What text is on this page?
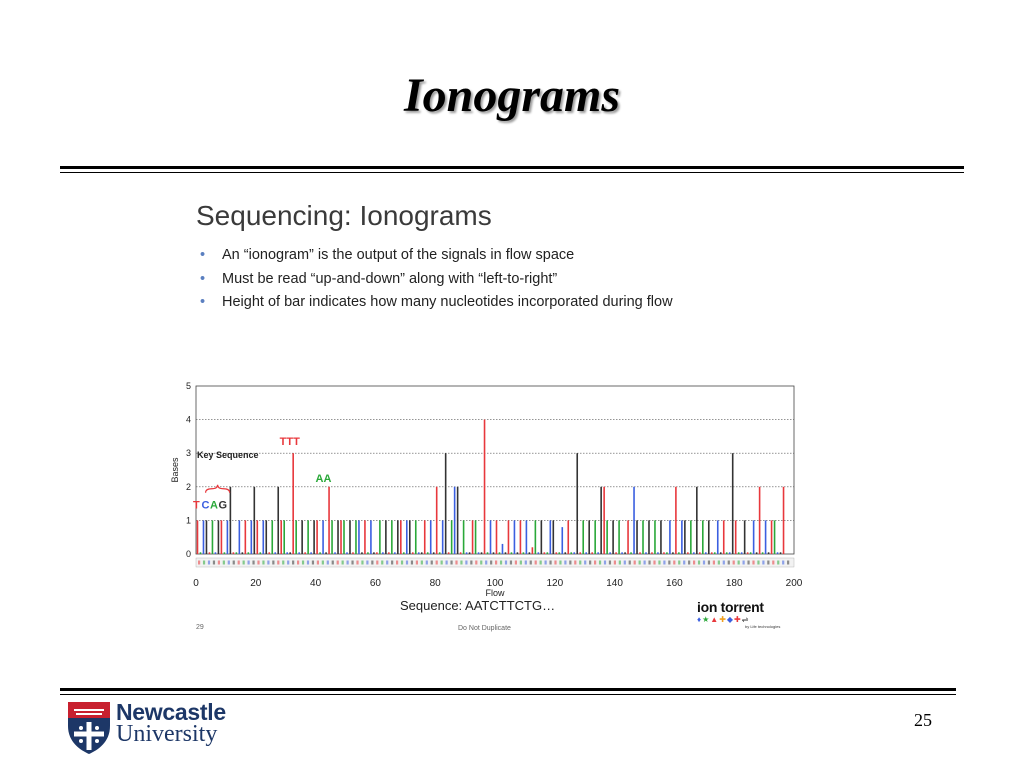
Ionograms
Sequencing: Ionograms
• An “ionogram” is the output of the signals in flow space
• Must be read “up-and-down” along with “left-to-right”
• Height of bar indicates how many nucleotides incorporated during flow
0
1
2
3
4
5
0	20	40	60	80	100	120	140	160	180	200
Flow
Bases
TTT
AA
Key Sequence
T C A G
Sequence: AATCTTCTG…
29	Do Not Duplicate
ion torrent
♦★▲✚◆✚⇌
by Life technologies
Newcastle
University
25
